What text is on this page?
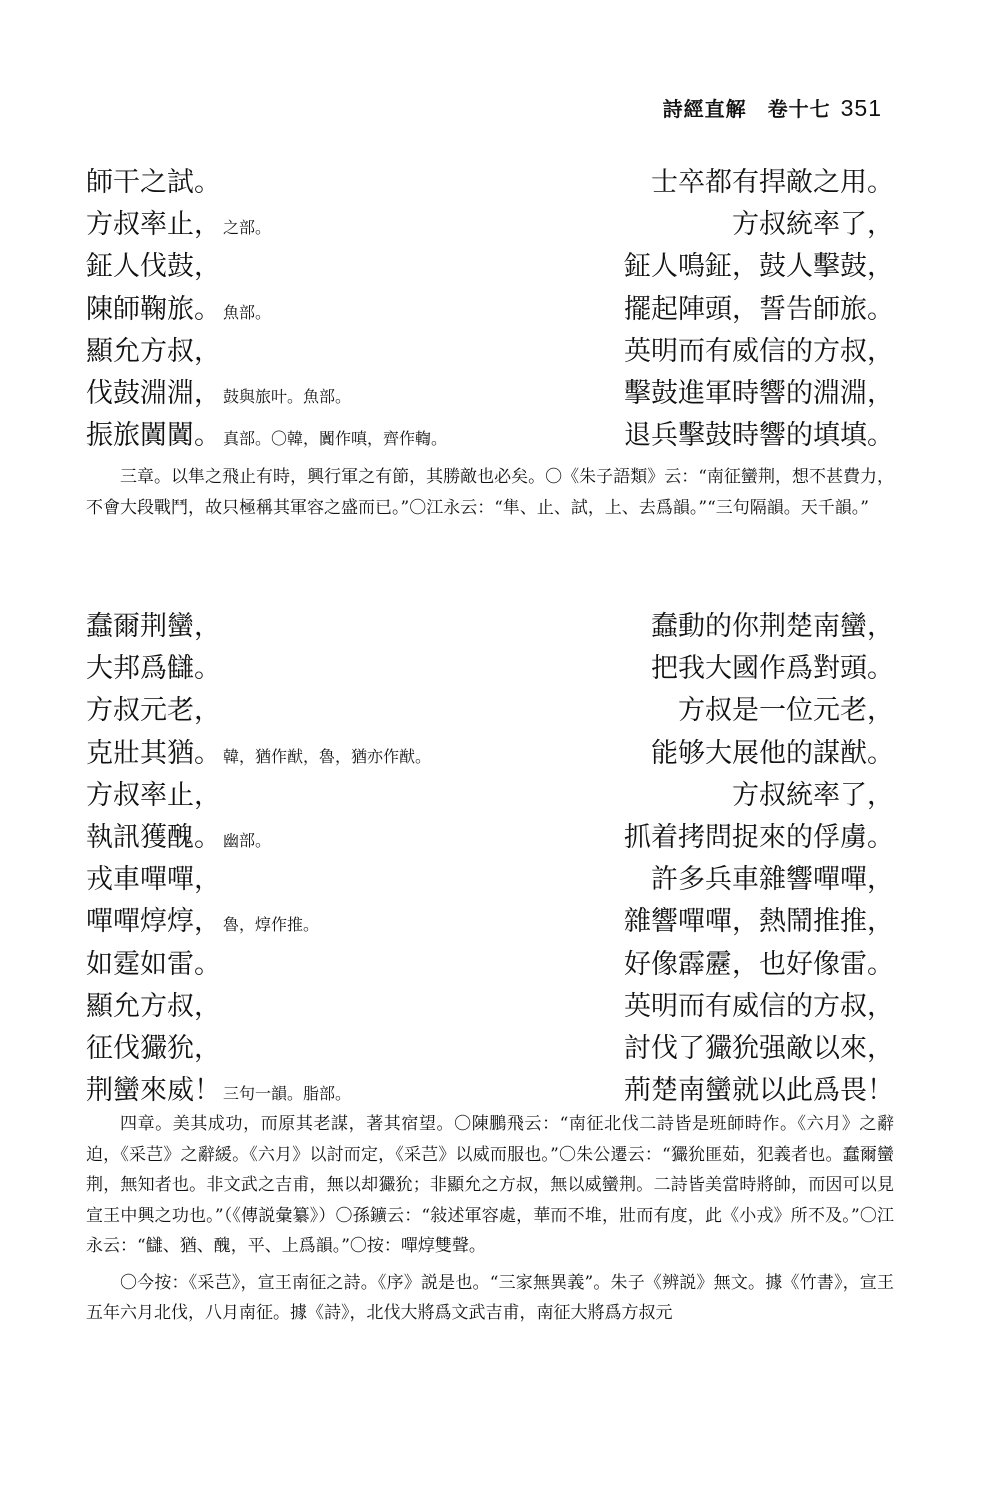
詩經直解　卷十七 351
師干之試。	士卒都有捍敵之用。
方叔率止， 之部。	方叔統率了，
鉦人伐鼓，	鉦人鳴鉦，鼓人擊鼓，
陳師鞠旅。 魚部。	擺起陣頭，誓告師旅。
顯允方叔，	英明而有威信的方叔，
伐鼓淵淵， 鼓與旅叶。魚部。	擊鼓進軍時響的淵淵，
振旅闐闐。 真部。〇韓，闐作嗔，齊作輷。	退兵擊鼓時響的填填。

三章。以隼之飛止有時，興行軍之有節，其勝敵也必矣。〇《朱子語類》云：“南征蠻荆，想不甚費力，不會大段戰鬥，故只極稱其軍容之盛而已。”〇江永云：“隼、止、試，上、去爲韻。”“三句隔韻。天千韻。”

蠢爾荆蠻，	蠢動的你荆楚南蠻，
大邦爲讎。	把我大國作爲對頭。
方叔元老，	方叔是一位元老，
克壯其猶。 韓，猶作猷，魯，猶亦作猷。	能够大展他的謀猷。
方叔率止，	方叔統率了，
執訊獲醜。 幽部。	抓着拷問捉來的俘虜。
戎車嘽嘽，	許多兵車雜響嘽嘽，
嘽嘽焞焞， 魯，焞作推。	雜響嘽嘽，熱鬧推推，
如霆如雷。	好像霹靂，也好像雷。
顯允方叔，	英明而有威信的方叔，
征伐玁狁，	討伐了玁狁强敵以來，
荆蠻來威！ 三句一韻。脂部。	荊楚南蠻就以此爲畏！

四章。美其成功，而原其老謀，著其宿望。〇陳鵬飛云：“南征北伐二詩皆是班師時作。《六月》之辭迫，《采芑》之辭緩。《六月》以討而定，《采芑》以威而服也。”〇朱公遷云：“玁狁匪茹，犯義者也。蠢爾蠻荆，無知者也。非文武之吉甫，無以却玁狁；非顯允之方叔，無以威蠻荆。二詩皆美當時將帥，而因可以見宣王中興之功也。”（《傳説彙纂》）〇孫鑛云：“敍述軍容處，華而不堆，壯而有度，此《小戎》所不及。”〇江永云：“讎、猶、醜，平、上爲韻。”〇按：嘽焞雙聲。

〇今按：《采芑》，宣王南征之詩。《序》説是也。“三家無異義”。朱子《辨説》無文。據《竹書》，宣王五年六月北伐，八月南征。據《詩》，北伐大將爲文武吉甫，南征大將爲方叔元
